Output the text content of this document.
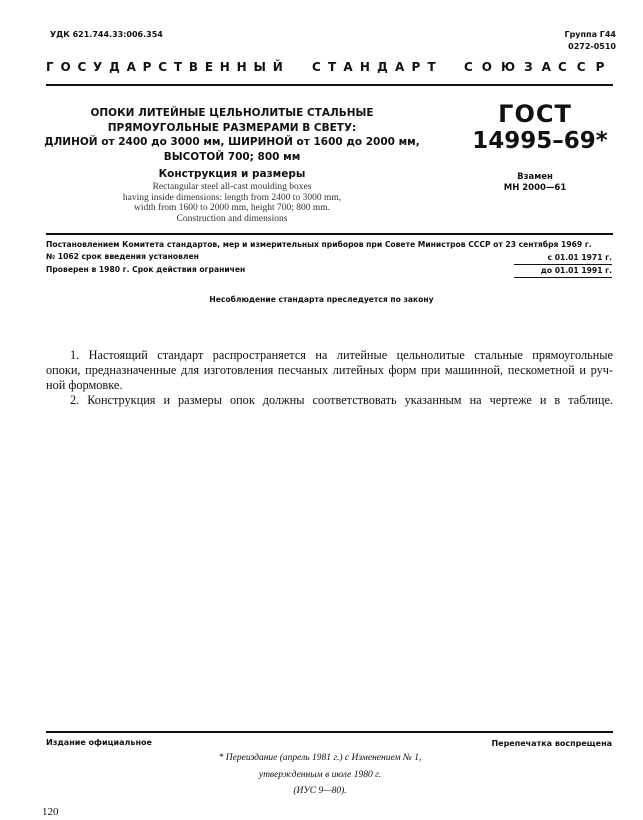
УДК 621.744.33:006.354	Группа Г44
0272-0510
ГОСУДАРСТВЕННЫЙ СТАНДАРТ СОЮЗА
ССР
ОПОКИ ЛИТЕЙНЫЕ ЦЕЛЬНОЛИТЫЕ СТАЛЬНЫЕ
ПРЯМОУГОЛЬНЫЕ РАЗМЕРАМИ В СВЕТУ:
ДЛИНОЙ от 2400 до 3000 мм, ШИРИНОЙ от 1600 до 2000 мм,
ВЫСОТОЙ 700; 800 мм
Конструкция и размеры
Rectangular steel all-cast moulding boxes
having inside dimensions: length from 2400 to 3000 mm,
width from 1600 to 2000 mm, height 700; 800 mm.
Construction and dimensions
ГОСТ
14995–69*
Взамен
МН 2000—61
Постановлением Комитета стандартов, мер и измерительных приборов при Совете Министров СССР от 23 сентября 1969 г.
№ 1062 срок введения установлен	с 01.01 1971 г.
Проверен в 1980 г. Срок действия ограничен	до 01.01 1991 г.
Несоблюдение стандарта преследуется по закону
1. Настоящий стандарт распространяется на литейные цельнолитые стальные прямоугольные
опоки, предназначенные для изготовления песчаных литейных форм при машинной, пескометной и руч-
ной формовке.
2. Конструкция и размеры опок должны соответствовать указанным на чертеже и в таблице.
Издание официальное	Перепечатка воспрещена
* Переиздание (апрель 1981 г.) с Изменением № 1,
утвержденным в июле 1980 г.
(ИУС 9—80).
120
